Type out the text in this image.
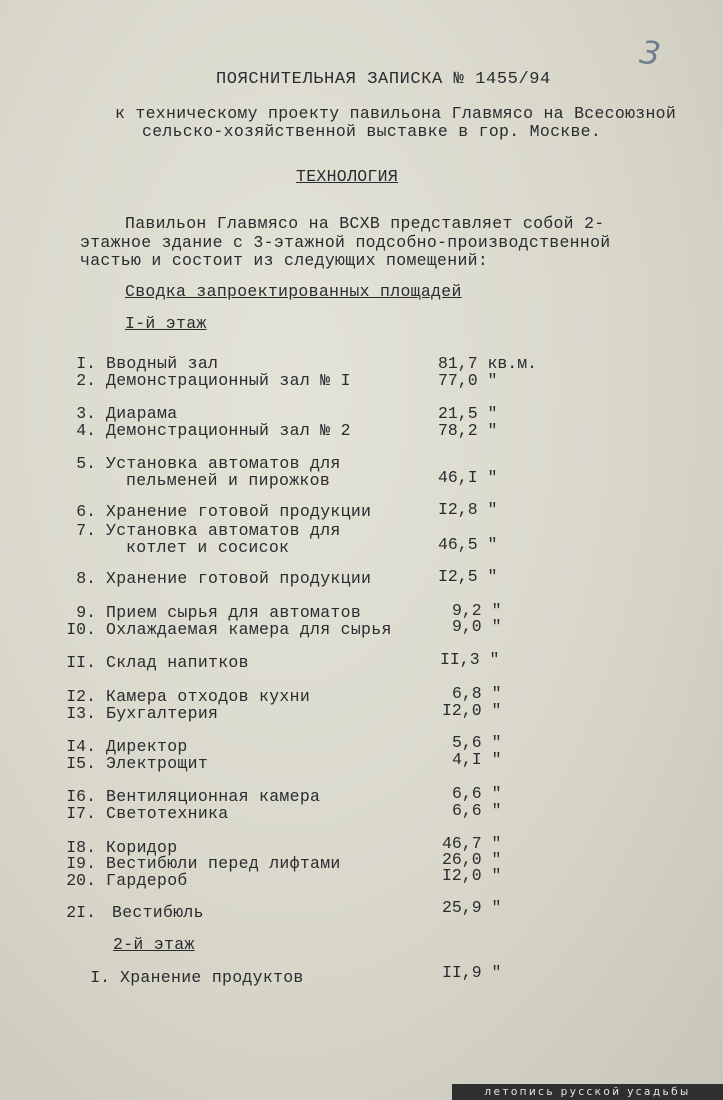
3
ПОЯСНИТЕЛЬНАЯ ЗАПИСКА № 1455/94
к техническому проекту павильона Главмясо на Всесоюзной
сельско-хозяйственной выставке в гор. Москве.
ТЕХНОЛОГИЯ
Павильон Главмясо на ВСХВ представляет собой 2-
этажное здание с 3-этажной подсобно-производственной
частью и состоит из следующих помещений:
Сводка запроектированных площадей
I-й этаж
I. Вводный зал	81,7 кв.м.
2. Демонстрационный зал № I	77,0 "
3. Диарама	21,5 "
4. Демонстрационный зал № 2	78,2 "
5. Установка автоматов для
пельменей и пирожков	46,I "
6. Хранение готовой продукции	I2,8 "
7. Установка автоматов для
котлет и сосисок	46,5 "
8. Хранение готовой продукции	I2,5 "
9. Прием сырья для автоматов	9,2 "
I0. Охлаждаемая камера для сырья	9,0 "
II. Склад напитков	II,3 "
I2. Камера отходов кухни	6,8 "
I3. Бухгалтерия	I2,0 "
I4. Директор	5,6 "
I5. Электрощит	4,I "
I6. Вентиляционная камера	6,6 "
I7. Светотехника	6,6 "
I8. Коридор	46,7 "
I9. Вестибюли перед лифтами	26,0 "
20. Гардероб	I2,0 "
2I. Вестибюль	25,9 "
2-й этаж
I. Хранение продуктов	II,9 "
летопись русской усадьбы
